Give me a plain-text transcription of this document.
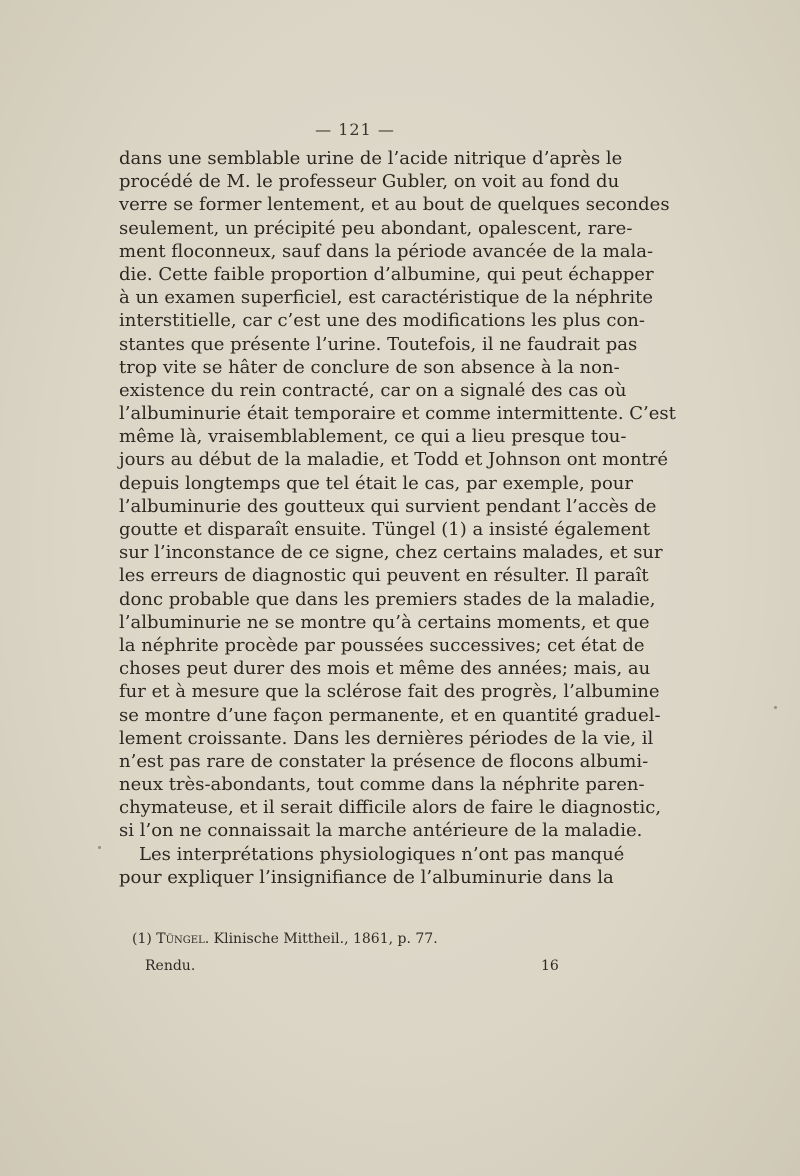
— 121 —
dans une semblable urine de l’acide nitrique d’après le
procédé de M. le professeur Gubler, on voit au fond du
verre se former lentement, et au bout de quelques secondes
seulement, un précipité peu abondant, opalescent, rare-
ment floconneux, sauf dans la période avancée de la mala-
die. Cette faible proportion d’albumine, qui peut échapper
à un examen superficiel, est caractéristique de la néphrite
interstitielle, car c’est une des modifications les plus con-
stantes que présente l’urine. Toutefois, il ne faudrait pas
trop vite se hâter de conclure de son absence à la non-
existence du rein contracté, car on a signalé des cas où
l’albuminurie était temporaire et comme intermittente. C’est
même là, vraisemblablement, ce qui a lieu presque tou-
jours au début de la maladie, et Todd et Johnson ont montré
depuis longtemps que tel était le cas, par exemple, pour
l’albuminurie des goutteux qui survient pendant l’accès de
goutte et disparaît ensuite. Tüngel (1) a insisté également
sur l’inconstance de ce signe, chez certains malades, et sur
les erreurs de diagnostic qui peuvent en résulter. Il paraît
donc probable que dans les premiers stades de la maladie,
l’albuminurie ne se montre qu’à certains moments, et que
la néphrite procède par poussées successives; cet état de
choses peut durer des mois et même des années; mais, au
fur et à mesure que la sclérose fait des progrès, l’albumine
se montre d’une façon permanente, et en quantité graduel-
lement croissante. Dans les dernières périodes de la vie, il
n’est pas rare de constater la présence de flocons albumi-
neux très-abondants, tout comme dans la néphrite paren-
chymateuse, et il serait difficile alors de faire le diagnostic,
si l’on ne connaissait la marche antérieure de la maladie.
Les interprétations physiologiques n’ont pas manqué
pour expliquer l’insignifiance de l’albuminurie dans la
(1) Tüngel. Klinische Mittheil., 1861, p. 77.
Rendu.	16
